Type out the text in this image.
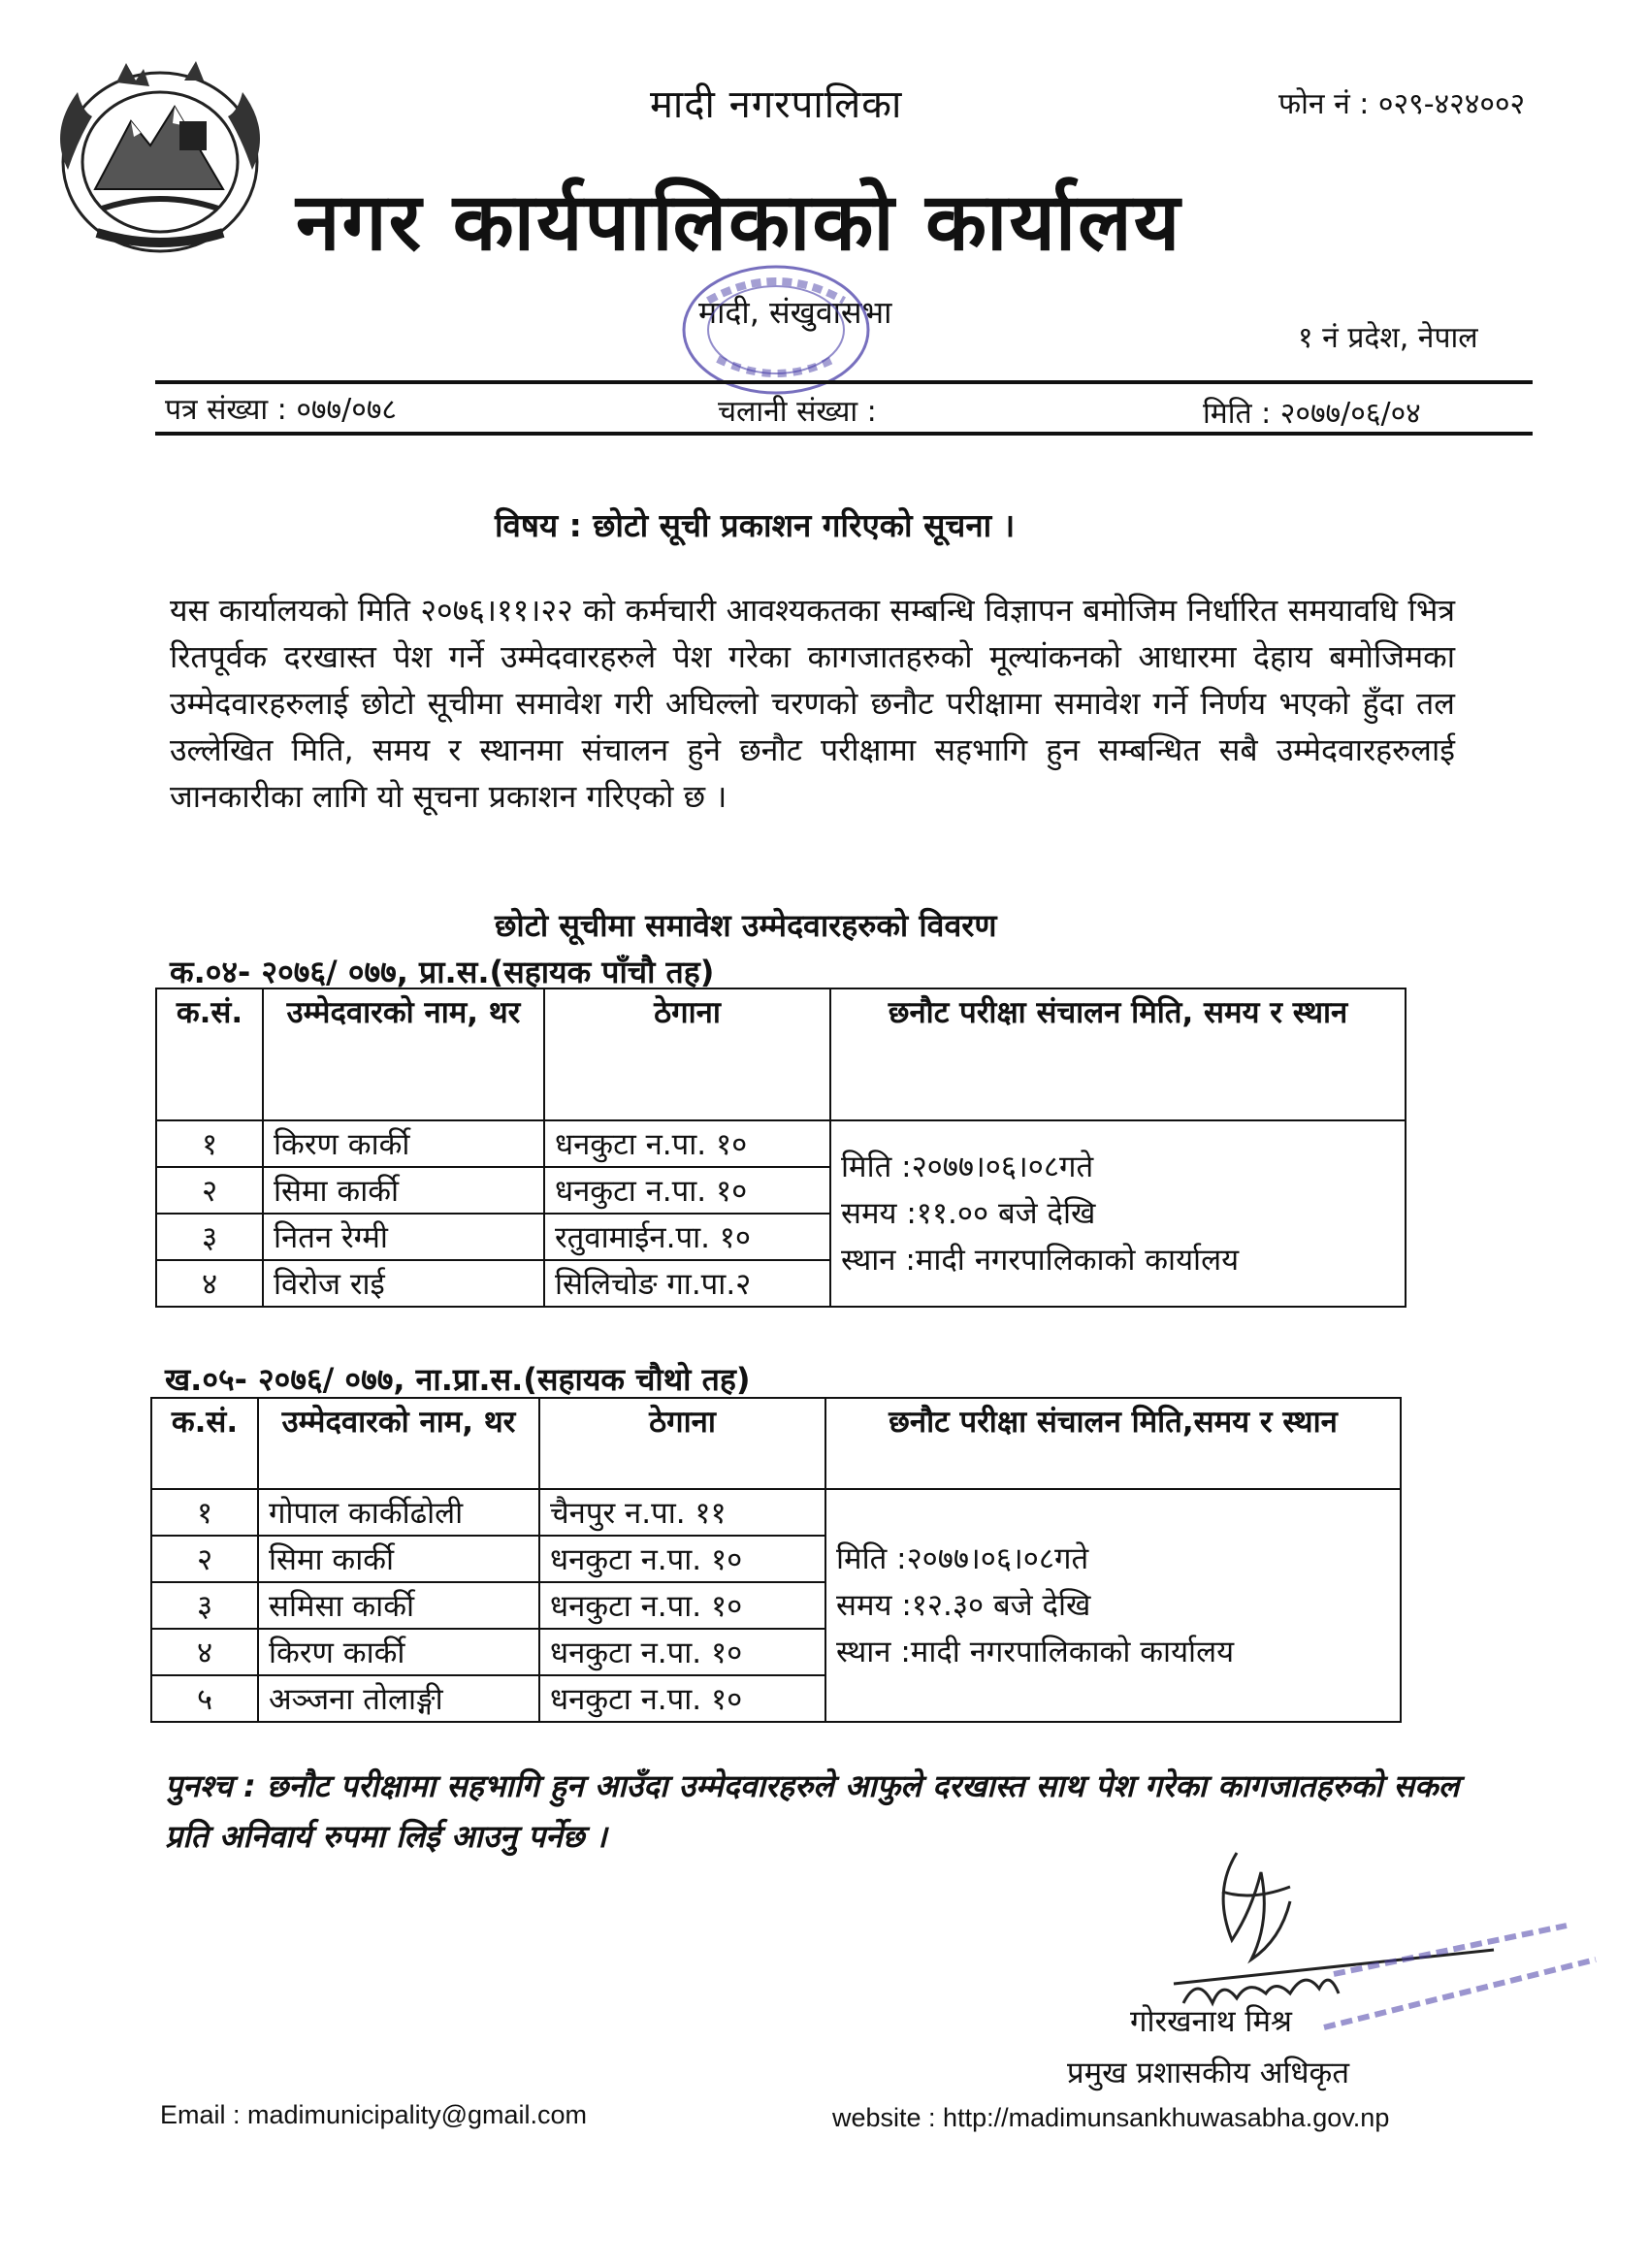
मादी नगरपालिका	फोन नं : ०२९-४२४००२
नगर कार्यपालिकाको कार्यालय
मादी, संखुवासभा
१ नं प्रदेश, नेपाल
पत्र संख्या : ०७७/०७८	चलानी संख्या :	मिति : २०७७/०६/०४
विषय : छोटो सूची प्रकाशन गरिएको सूचना ।
यस कार्यालयको मिति २०७६।११।२२ को कर्मचारी आवश्यकतका सम्बन्धि विज्ञापन बमोजिम निर्धारित समयावधि भित्र रितपूर्वक दरखास्त पेश गर्ने उम्मेदवारहरुले पेश गरेका कागजातहरुको मूल्यांकनको आधारमा देहाय बमोजिमका उम्मेदवारहरुलाई छोटो सूचीमा समावेश गरी अघिल्लो चरणको छनौट परीक्षामा समावेश गर्ने निर्णय भएको हुँदा तल उल्लेखित मिति, समय र स्थानमा संचालन हुने छनौट परीक्षामा सहभागि हुन सम्बन्धित सबै उम्मेदवारहरुलाई जानकारीका लागि यो सूचना प्रकाशन गरिएको छ ।
छोटो सूचीमा समावेश उम्मेदवारहरुको विवरण
क.०४- २०७६/ ०७७, प्रा.स.(सहायक पाँचौ तह)
क.सं.	उम्मेदवारको नाम, थर	ठेगाना	छनौट परीक्षा संचालन मिति, समय र स्थान
१	किरण कार्की	धनकुटा न.पा. १०	मिति :२०७७।०६।०८गते
समय :११.०० बजे देखि
स्थान :मादी नगरपालिकाको कार्यालय

२	सिमा कार्की	धनकुटा न.पा. १०	
३	नितन रेग्मी	रतुवामाईन.पा. १०	
४	विरोज राई	सिलिचोङ गा.पा.२	
ख.०५- २०७६/ ०७७, ना.प्रा.स.(सहायक चौथो तह)
क.सं.	उम्मेदवारको नाम, थर	ठेगाना	छनौट परीक्षा संचालन मिति,समय र स्थान
१	गोपाल कार्कीढोली	चैनपुर न.पा. ११	मिति :२०७७।०६।०८गते
समय :१२.३० बजे देखि
स्थान :मादी नगरपालिकाको कार्यालय

२	सिमा कार्की	धनकुटा न.पा. १०	
३	समिसा कार्की	धनकुटा न.पा. १०	
४	किरण कार्की	धनकुटा न.पा. १०	
५	अञ्जना तोलाङ्गी	धनकुटा न.पा. १०	
पुनश्च : छनौट परीक्षामा सहभागि हुन आउँदा उम्मेदवारहरुले आफुले दरखास्त साथ पेश गरेका कागजातहरुको सकल प्रति अनिवार्य रुपमा लिई आउनु पर्नेछ ।
गोरखनाथ मिश्र
प्रमुख प्रशासकीय अधिकृत
Email : madimunicipality@gmail.com	website : http://madimunsankhuwasabha.gov.np
